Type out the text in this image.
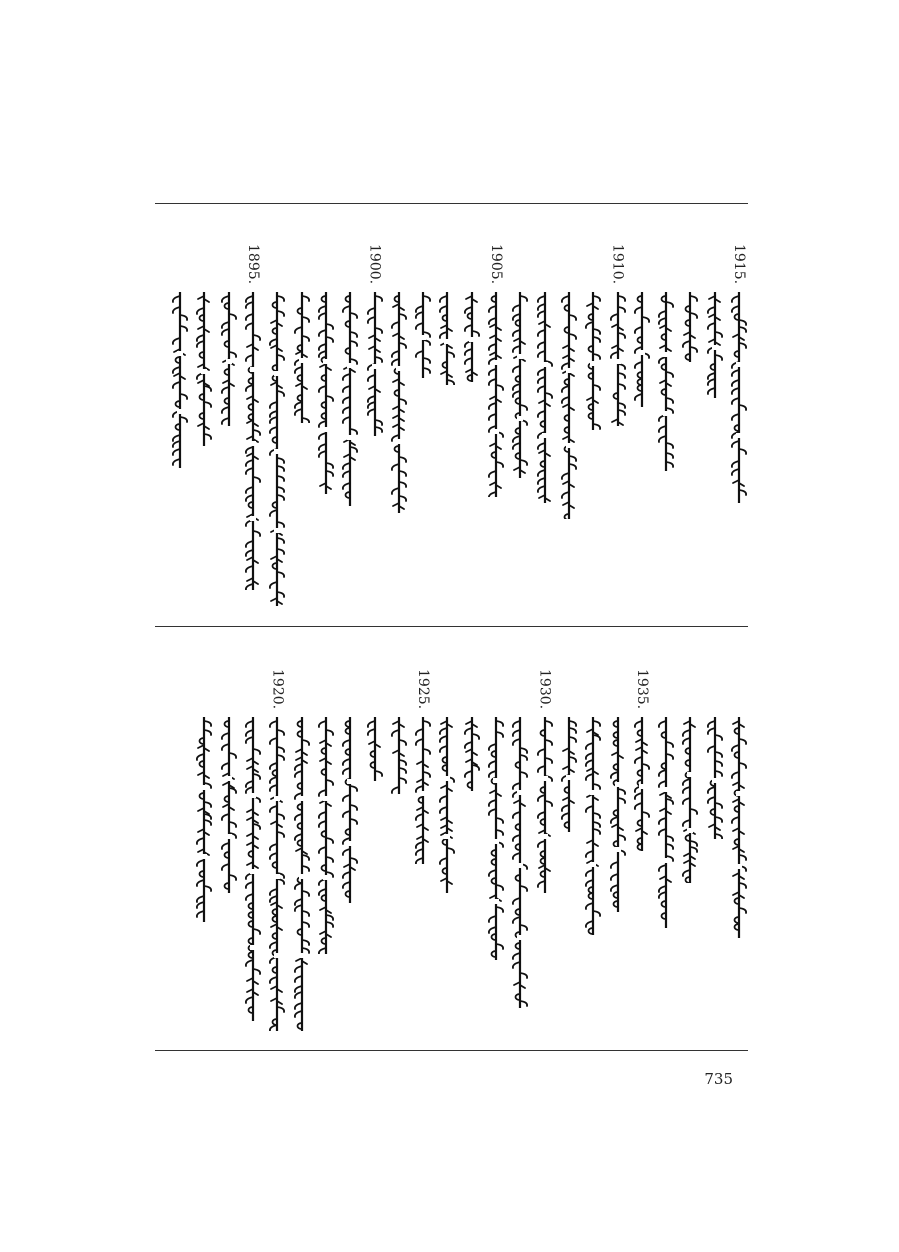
1915.
1910.
1905.
1900.
1895.
1935.
1930.
1925.
1920.
735
